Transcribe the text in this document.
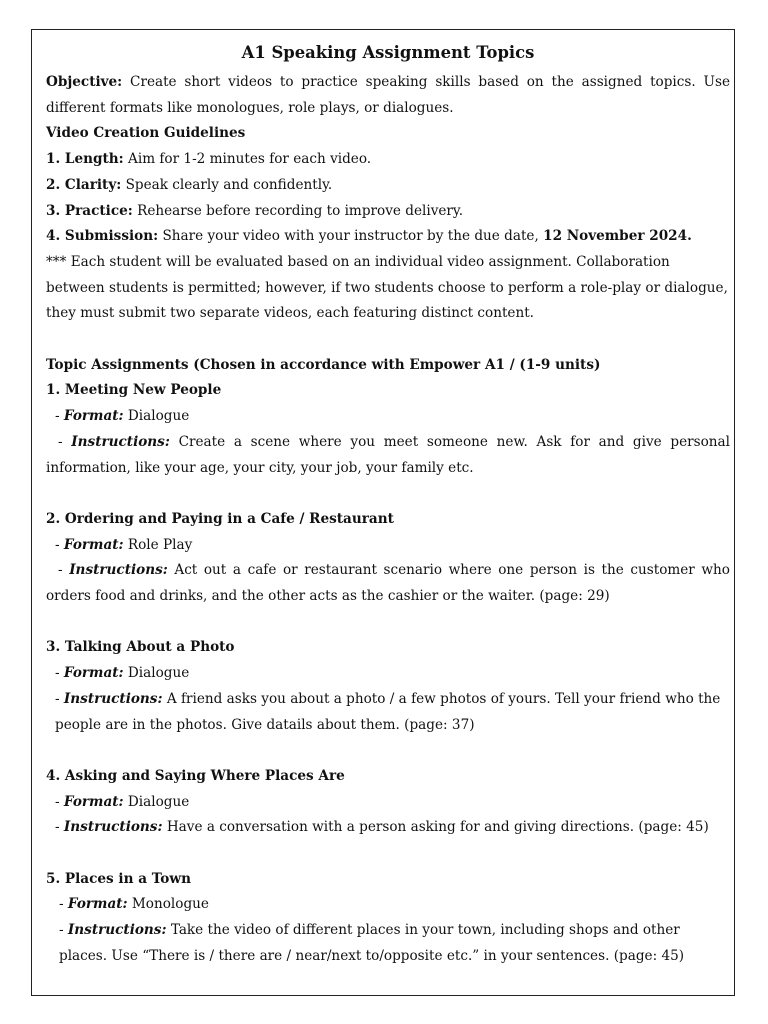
A1 Speaking Assignment Topics

Objective: Create short videos to practice speaking skills based on the assigned topics. Use different formats like monologues, role plays, or dialogues.

Video Creation Guidelines

1. Length: Aim for 1-2 minutes for each video.

2. Clarity: Speak clearly and confidently.

3. Practice: Rehearse before recording to improve delivery.

4. Submission: Share your video with your instructor by the due date, 12 November 2024.

*** Each student will be evaluated based on an individual video assignment. Collaboration between students is permitted; however, if two students choose to perform a role-play or dialogue, they must submit two separate videos, each featuring distinct content.

Topic Assignments (Chosen in accordance with Empower A1 / (1-9 units)

1. Meeting New People

- Format: Dialogue

- Instructions: Create a scene where you meet someone new. Ask for and give personal information, like your age, your city, your job, your family etc.

2. Ordering and Paying in a Cafe / Restaurant

- Format: Role Play

- Instructions: Act out a cafe or restaurant scenario where one person is the customer who orders food and drinks, and the other acts as the cashier or the waiter. (page: 29)

3. Talking About a Photo

- Format: Dialogue

- Instructions: A friend asks you about a photo / a few photos of yours. Tell your friend who the people are in the photos. Give datails about them. (page: 37)

4. Asking and Saying Where Places Are

- Format: Dialogue

- Instructions: Have a conversation with a person asking for and giving directions. (page: 45)

5. Places in a Town

- Format: Monologue

- Instructions: Take the video of different places in your town, including shops and other places. Use “There is / there are / near/next to/opposite etc.” in your sentences. (page: 45)
